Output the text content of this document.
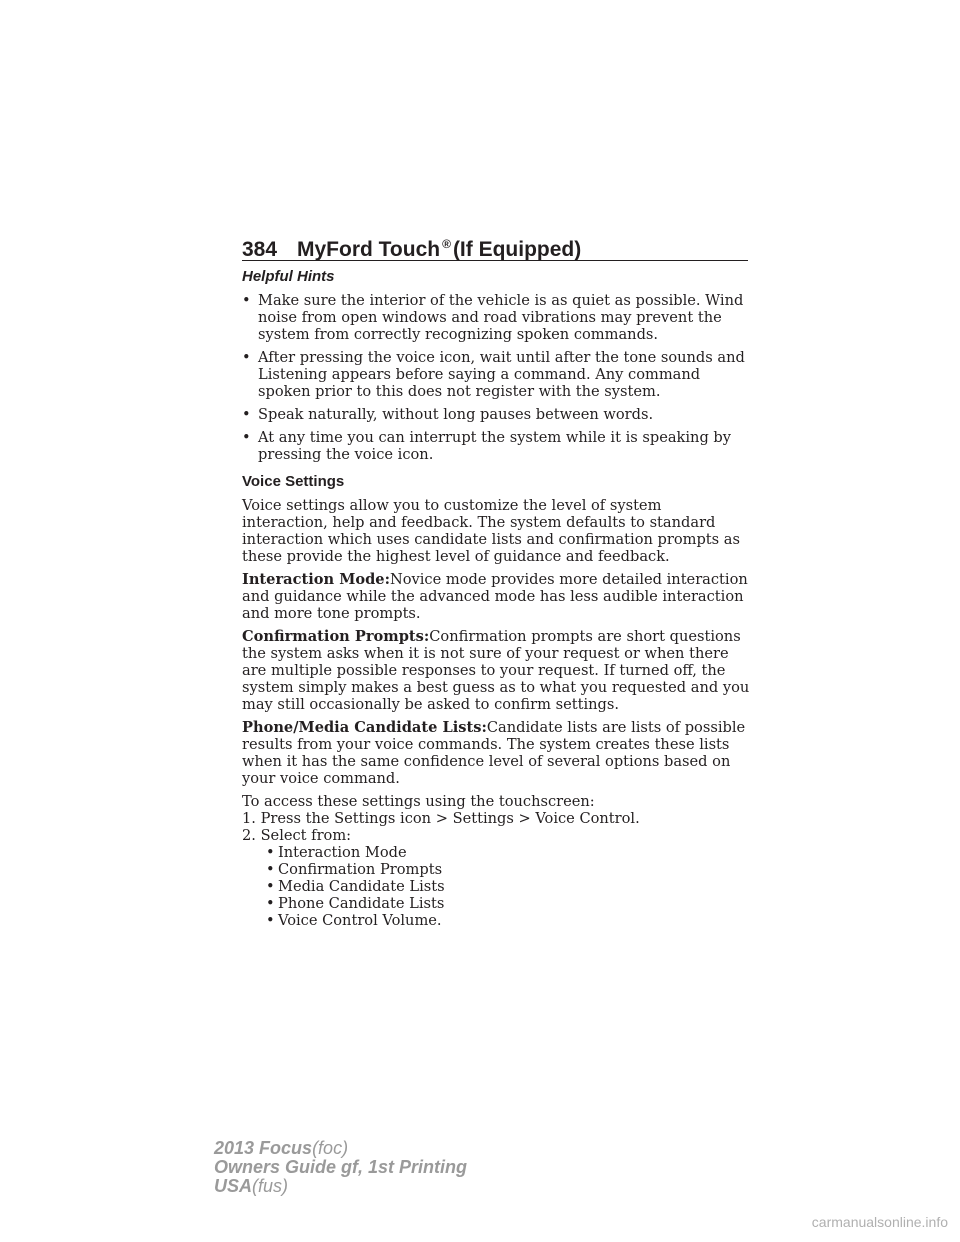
384 MyFord Touch ®(If Equipped)
Helpful Hints
• Make sure the interior of the vehicle is as quiet as possible. Wind noise from open windows and road vibrations may prevent the system from correctly recognizing spoken commands.
• After pressing the voice icon, wait until after the tone sounds and Listening appears before saying a command. Any command spoken prior to this does not register with the system.
• Speak naturally, without long pauses between words.
• At any time you can interrupt the system while it is speaking by pressing the voice icon.
Voice Settings

Voice settings allow you to customize the level of system interaction, help and feedback. The system defaults to standard interaction which uses candidate lists and confirmation prompts as these provide the highest level of guidance and feedback.

Interaction Mode:Novice mode provides more detailed interaction and guidance while the advanced mode has less audible interaction and more tone prompts.

Confirmation Prompts:Confirmation prompts are short questions the system asks when it is not sure of your request or when there are multiple possible responses to your request. If turned off, the system simply makes a best guess as to what you requested and you may still occasionally be asked to confirm settings.

Phone/Media Candidate Lists:Candidate lists are lists of possible results from your voice commands. The system creates these lists when it has the same confidence level of several options based on your voice command.

To access these settings using the touchscreen:
1. Press the Settings icon > Settings > Voice Control.
2. Select from:
• Interaction Mode
• Confirmation Prompts
• Media Candidate Lists
• Phone Candidate Lists
• Voice Control Volume.
2013 Focus(foc)
Owners Guide gf, 1st Printing
USA(fus)
carmanualsonline.info
